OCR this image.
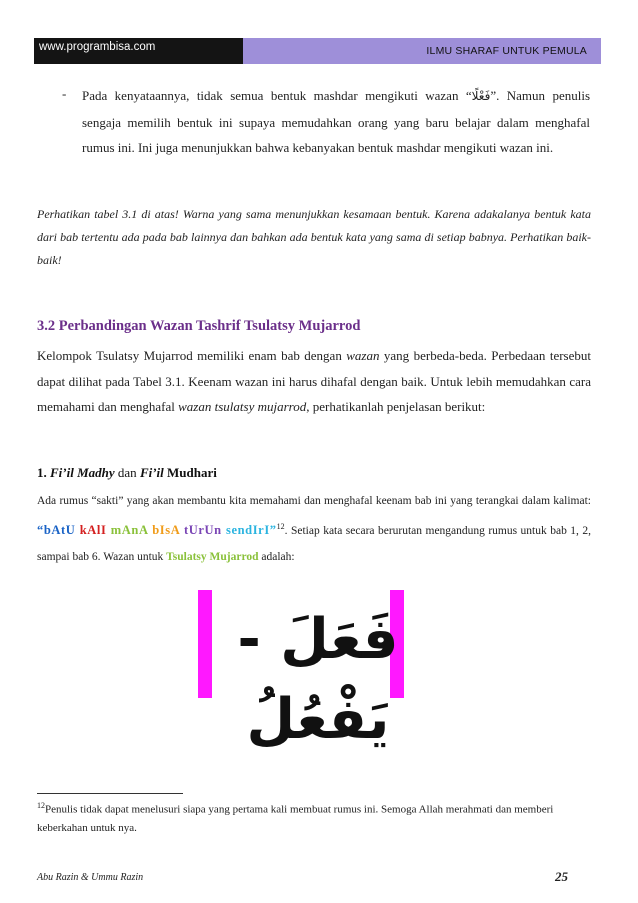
www.programbisa.com	ILMU SHARAF UNTUK PEMULA
- Pada kenyataannya, tidak semua bentuk mashdar mengikuti wazan “فَعْلًا”. Namun penulis sengaja memilih bentuk ini supaya memudahkan orang yang baru belajar dalam menghafal rumus ini. Ini juga menunjukkan bahwa kebanyakan bentuk mashdar mengikuti wazan ini.
Perhatikan tabel 3.1 di atas! Warna yang sama menunjukkan kesamaan bentuk. Karena adakalanya bentuk kata dari bab tertentu ada pada bab lainnya dan bahkan ada bentuk kata yang sama di setiap babnya. Perhatikan baik-baik!
3.2 Perbandingan Wazan Tashrif Tsulatsy Mujarrod
Kelompok Tsulatsy Mujarrod memiliki enam bab dengan wazan yang berbeda-beda. Perbedaan tersebut dapat dilihat pada Tabel 3.1. Keenam wazan ini harus dihafal dengan baik. Untuk lebih memudahkan cara memahami dan menghafal wazan tsulatsy mujarrod, perhatikanlah penjelasan berikut:
1. Fi’il Madhy dan Fi’il Mudhari
Ada rumus “sakti” yang akan membantu kita memahami dan menghafal keenam bab ini yang terangkai dalam kalimat: “bAtU kAlI mAnA bIsA tUrUn sendIrI”$^{12}$. Setiap kata secara berurutan mengandung rumus untuk bab 1, 2, sampai bab 6. Wazan untuk Tsulatsy Mujarrod adalah:
فَعَلَ - يَفْعُلُ
$^{12}$Penulis tidak dapat menelusuri siapa yang pertama kali membuat rumus ini. Semoga Allah merahmati dan memberi keberkahan untuk nya.
Abu Razin & Ummu Razin	25
